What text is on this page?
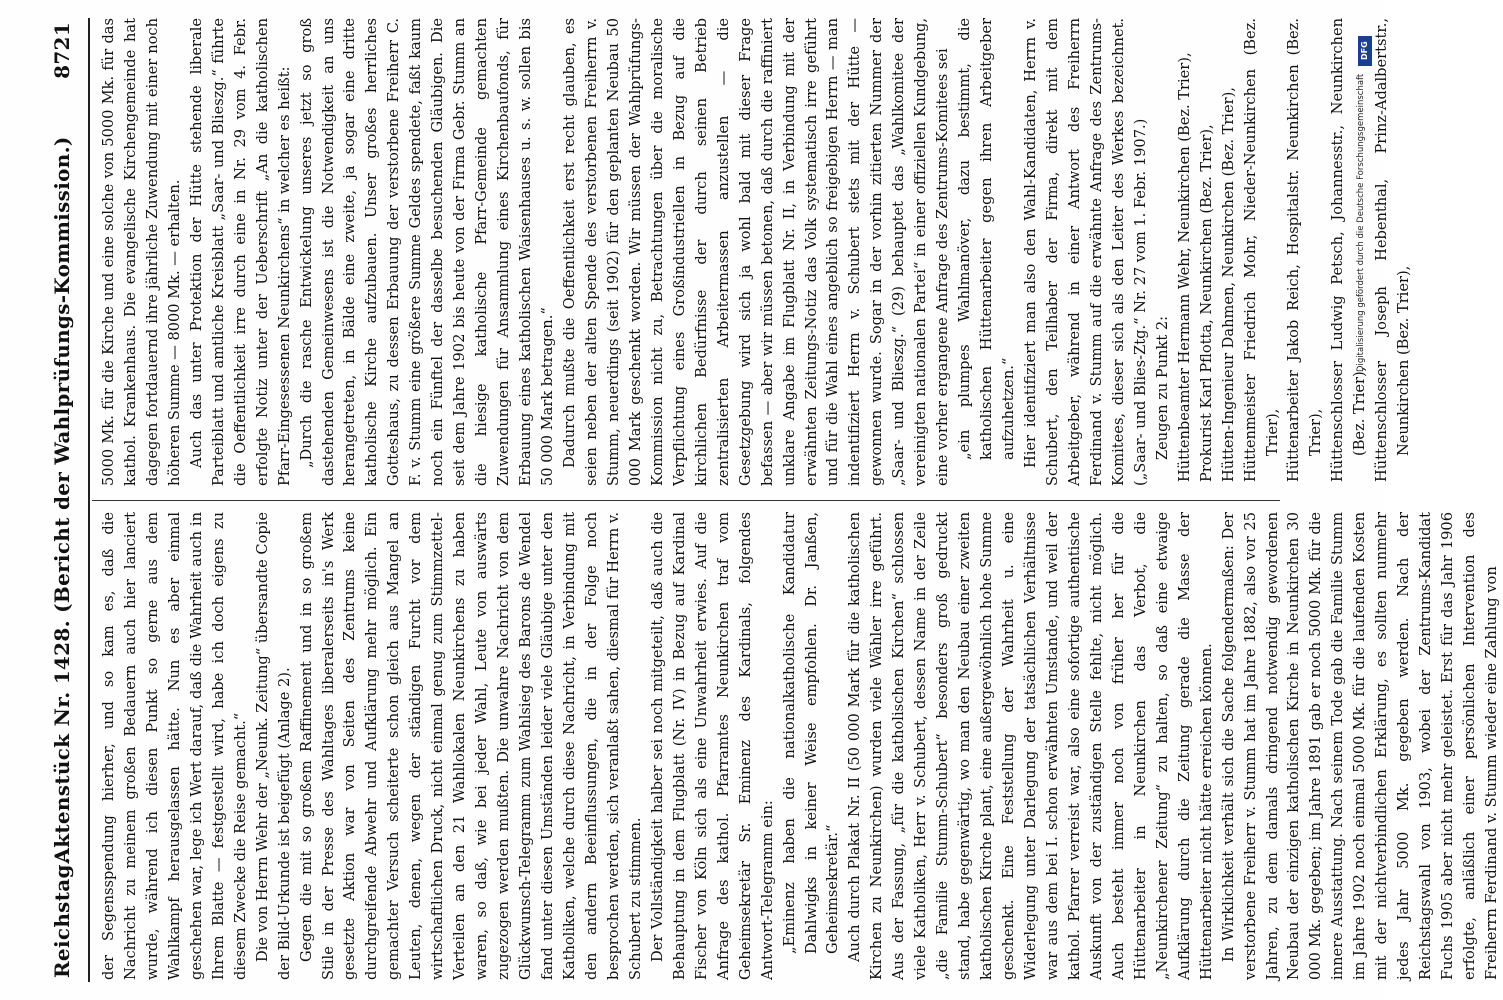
Reichstag.
Aktenstück Nr. 1428. (Bericht der Wahlprüfungs-Kommission.)
8721

der Segensspendung hierher, und so kam es, daß die Nachricht zu meinem großen Bedauern auch hier lanciert wurde, während ich diesen Punkt so gerne aus dem Wahlkampf herausgelassen hätte. Nun es aber einmal geschehen war, lege ich Wert darauf, daß die Wahrheit auch in Ihrem Blatte — festgestellt wird, habe ich doch eigens zu diesem Zwecke die Reise gemacht.“ Die von Herrn Wehr der „Neunk. Zeitung“ übersandte Copie der Bild-Urkunde ist beigefügt (Anlage 2). Gegen die mit so großem Raffinement und in so großem Stile in der Presse des Wahltages liberalerseits in's Werk gesetzte Aktion war von Seiten des Zentrums keine durchgreifende Abwehr und Aufklärung mehr möglich. Ein gemachter Versuch scheiterte schon gleich aus Mangel an Leuten, denen, wegen der ständigen Furcht vor dem wirtschaftlichen Druck, nicht einmal genug zum Stimmzettel-Verteilen an den 21 Wahllokalen Neunkirchens zu haben waren, so daß, wie bei jeder Wahl, Leute von auswärts zugezogen werden mußten. Die unwahre Nachricht von dem Glückwunsch-Telegramm zum Wahlsieg des Barons de Wendel fand unter diesen Umständen leider viele Gläubige unter den Katholiken, welche durch diese Nachricht, in Verbindung mit den andern Beeinflussungen, die in der Folge noch besprochen werden, sich veranlaßt sahen, diesmal für Herrn v. Schubert zu stimmen. Der Vollständigkeit halber sei noch mitgeteilt, daß auch die Behauptung in dem Flugblatt (Nr. IV) in Bezug auf Kardinal Fischer von Köln sich als eine Unwahrheit erwies. Auf die Anfrage des kathol. Pfarramtes Neunkirchen traf vom Geheimsekretär Sr. Eminenz des Kardinals, folgendes Antwort-Telegramm ein: „Eminenz haben die nationalkatholische Kandidatur Dahlwigks in keiner Weise empfohlen. Dr. Janßen, Geheimsekretär.“ Auch durch Plakat Nr. II (50 000 Mark für die katholischen Kirchen zu Neunkirchen) wurden viele Wähler irre geführt. Aus der Fassung, „für die katholischen Kirchen“ schlossen viele Katholiken, Herr v. Schubert, dessen Name in der Zeile „die Familie Stumm-Schubert“ besonders groß gedruckt stand, habe gegenwärtig, wo man den Neubau einer zweiten katholischen Kirche plant, eine außergewöhnlich hohe Summe geschenkt. Eine Feststellung der Wahrheit u. eine Widerlegung unter Darlegung der tatsächlichen Verhältnisse war aus dem bei I. schon erwähnten Umstande, und weil der kathol. Pfarrer verreist war, also eine sofortige authentische Auskunft von der zuständigen Stelle fehlte, nicht möglich. Auch besteht immer noch von früher her für die Hüttenarbeiter in Neunkirchen das Verbot, die „Neunkirchener Zeitung“ zu halten, so daß eine etwaige Aufklärung durch die Zeitung gerade die Masse der Hüttenarbeiter nicht hätte erreichen können. In Wirklichkeit verhält sich die Sache folgendermaßen: Der verstorbene Freiherr v. Stumm hat im Jahre 1882, also vor 25 Jahren, zu dem damals dringend notwendig gewordenen Neubau der einzigen katholischen Kirche in Neunkirchen 30 000 Mk. gegeben; im Jahre 1891 gab er noch 5000 Mk. für die innere Ausstattung. Nach seinem Tode gab die Familie Stumm im Jahre 1902 noch einmal 5000 Mk. für die laufenden Kosten mit der nichtverbindlichen Erklärung, es sollten nunmehr jedes Jahr 5000 Mk. gegeben werden. Nach der Reichstagswahl von 1903, wobei der Zentrums-Kandidat Fuchs 1905 aber nicht mehr geleistet. Erst für das Jahr 1906 erfolgte, anläßlich einer persönlichen Intervention des Freiherrn Ferdinand v. Stumm wieder eine Zahlung von

5000 Mk. für die Kirche und eine solche von 5000 Mk. für das kathol. Krankenhaus. Die evangelische Kirchengemeinde hat dagegen fortdauernd ihre jährliche Zuwendung mit einer noch höheren Summe — 8000 Mk. — erhalten. Auch das unter Protektion der Hütte stehende liberale Parteiblatt und amtliche Kreisblatt „Saar- und Blieszg.“ führte die Oeffentlichkeit irre durch eine in Nr. 29 vom 4. Febr. erfolgte Notiz unter der Ueberschrift „An die katholischen Pfarr-Eingesessenen Neunkirchens“ in welcher es heißt: „Durch die rasche Entwickelung unseres jetzt so groß dastehenden Gemeinwesens ist die Notwendigkeit an uns herangetreten, in Bälde eine zweite, ja sogar eine dritte katholische Kirche aufzubauen. Unser großes herrliches Gotteshaus, zu dessen Erbauung der verstorbene Freiherr C. F. v. Stumm eine größere Summe Geldes spendete, faßt kaum noch ein Fünftel der dasselbe besuchenden Gläubigen. Die seit dem Jahre 1902 bis heute von der Firma Gebr. Stumm an die hiesige katholische Pfarr-Gemeinde gemachten Zuwendungen für Ansammlung eines Kirchenbaufonds, für Erbauung eines katholischen Waisenhauses u. s. w. sollen bis 50 000 Mark betragen.“ Dadurch mußte die Oeffentlichkeit erst recht glauben, es seien neben der alten Spende des verstorbenen Freiherrn v. Stumm, neuerdings (seit 1902) für den geplanten Neubau 50 000 Mark geschenkt worden. Wir müssen der Wahlprüfungs-Kommission nicht zu, Betrachtungen über die moralische Verpflichtung eines Großindustriellen in Bezug auf die kirchlichen Bedürfnisse der durch seinen Betrieb zentralisierten Arbeitermassen anzustellen — die Gesetzgebung wird sich ja wohl bald mit dieser Frage befassen — aber wir müssen betonen, daß durch die raffiniert unklare Angabe im Flugblatt Nr. II, in Verbindung mit der erwähnten Zeitungs-Notiz das Volk systematisch irre geführt und für die Wahl eines angeblich so freigebigen Herrn — man indentifiziert Herrn v. Schubert stets mit der Hütte — gewonnen wurde. Sogar in der vorhin zitierten Nummer der „Saar- und Blieszg.“ (29) behauptet das „Wahlkomitee der vereinigten nationalen Partei“ in einer offiziellen Kundgebung, eine vorher ergangene Anfrage des Zentrums-Komitees sei „ein plumpes Wahlmanöver, dazu bestimmt, die katholischen Hüttenarbeiter gegen ihren Arbeitgeber aufzuhetzen.“ Hier identifiziert man also den Wahl-Kandidaten, Herrn v. Schubert, den Teilhaber der Firma, direkt mit dem Arbeitgeber, während in einer Antwort des Freiherrn Ferdinand v. Stumm auf die erwähnte Anfrage des Zentrums-Komitees, dieser sich als den Leiter des Werkes bezeichnet. („Saar- und Blies-Ztg.“ Nr. 27 vom 1. Febr. 1907.) Zeugen zu Punkt 2: Hüttenbeamter Hermann Wehr, Neunkirchen (Bez. Trier), Prokurist Karl Pflotta, Neunkirchen (Bez. Trier), Hütten-Ingenieur Dahmen, Neunkirchen (Bez. Trier), Hüttenmeister Friedrich Mohr, Nieder-Neunkirchen (Bez. Trier), Hüttenarbeiter Jakob Reich, Hospitalstr. Neunkirchen (Bez. Trier), Hüttenschlosser Ludwig Petsch, Johannesstr., Neunkirchen (Bez. Trier), Hüttenschlosser Joseph Hebenthal, Prinz-Adalbertstr., Neunkirchen (Bez. Trier),
DFG
Digitalisierung gefördert durch die Deutsche Forschungsgemeinschaft
